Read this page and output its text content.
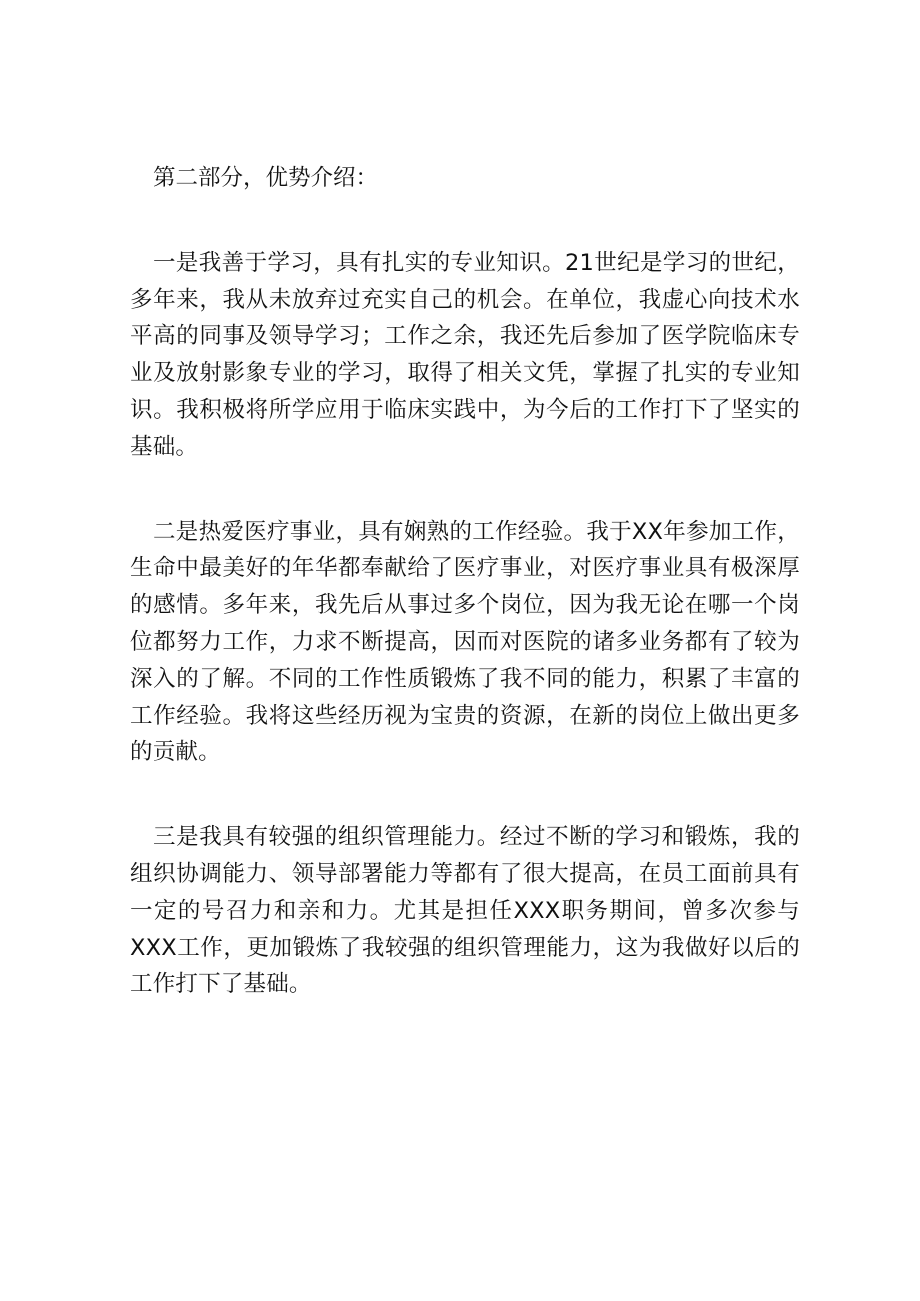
第二部分，优势介绍：

一是我善于学习，具有扎实的专业知识。21世纪是学习的世纪，多年来，我从未放弃过充实自己的机会。在单位，我虚心向技术水平高的同事及领导学习；工作之余，我还先后参加了医学院临床专业及放射影象专业的学习，取得了相关文凭，掌握了扎实的专业知识。我积极将所学应用于临床实践中，为今后的工作打下了坚实的基础。

二是热爱医疗事业，具有娴熟的工作经验。我于XX年参加工作，生命中最美好的年华都奉献给了医疗事业，对医疗事业具有极深厚的感情。多年来，我先后从事过多个岗位，因为我无论在哪一个岗位都努力工作，力求不断提高，因而对医院的诸多业务都有了较为深入的了解。不同的工作性质锻炼了我不同的能力，积累了丰富的工作经验。我将这些经历视为宝贵的资源，在新的岗位上做出更多的贡献。

三是我具有较强的组织管理能力。经过不断的学习和锻炼，我的组织协调能力、领导部署能力等都有了很大提高，在员工面前具有一定的号召力和亲和力。尤其是担任XXX职务期间，曾多次参与XXX工作，更加锻炼了我较强的组织管理能力，这为我做好以后的工作打下了基础。
